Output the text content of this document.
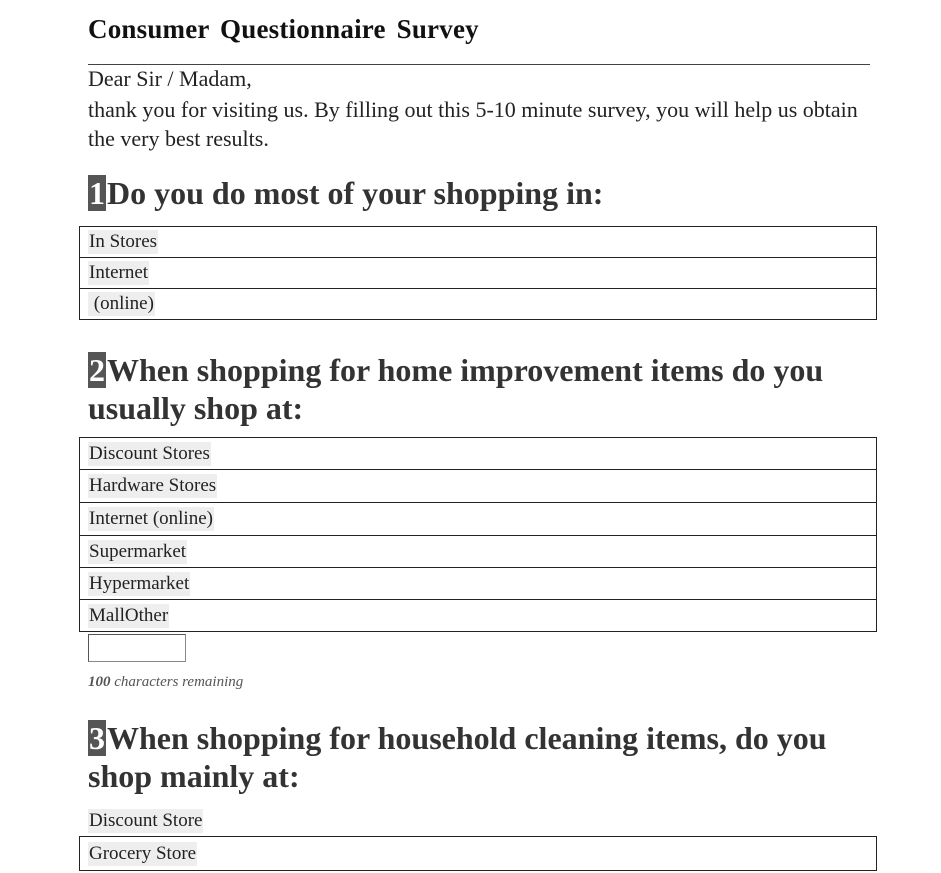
Consumer Questionnaire Survey
Dear Sir / Madam,
thank you for visiting us. By filling out this 5-10 minute survey, you will help us obtain the very best results.
1Do you do most of your shopping in:
In Stores
Internet
(online)
2When shopping for home improvement items do you usually shop at:
Discount Stores
Hardware Stores
Internet (online)
Supermarket
Hypermarket
MallOther
100 characters remaining
3When shopping for household cleaning items, do you shop mainly at:
Discount Store
Grocery Store
